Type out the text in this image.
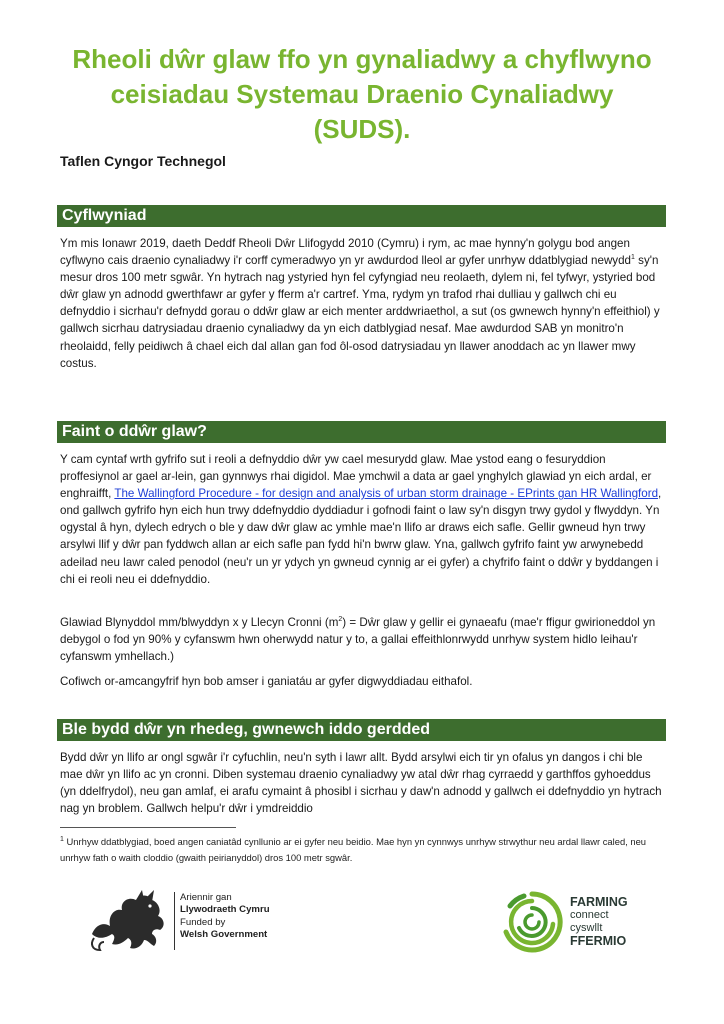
Rheoli dŵr glaw ffo yn gynaliadwy a chyflwyno ceisiadau Systemau Draenio Cynaliadwy (SUDS).

Taflen Cyngor Technegol

Cyflwyniad

Ym mis Ionawr 2019, daeth Deddf Rheoli Dŵr Llifogydd 2010 (Cymru) i rym, ac mae hynny'n golygu bod angen cyflwyno cais draenio cynaliadwy i'r corff cymeradwyo yn yr awdurdod lleol ar gyfer unrhyw ddatblygiad newydd$^1$ sy'n mesur dros 100 metr sgwâr. Yn hytrach nag ystyried hyn fel cyfyngiad neu reolaeth, dylem ni, fel tyfwyr, ystyried bod dŵr glaw yn adnodd gwerthfawr ar gyfer y fferm a'r cartref. Yma, rydym yn trafod rhai dulliau y gallwch chi eu defnyddio i sicrhau'r defnydd gorau o ddŵr glaw ar eich menter arddwriaethol, a sut (os gwnewch hynny'n effeithiol) y gallwch sicrhau datrysiadau draenio cynaliadwy da yn eich datblygiad nesaf. Mae awdurdod SAB yn monitro'n rheolaidd, felly peidiwch â chael eich dal allan gan fod ôl-osod datrysiadau yn llawer anoddach ac yn llawer mwy costus.

Faint o ddŵr glaw?

Y cam cyntaf wrth gyfrifo sut i reoli a defnyddio dŵr yw cael mesurydd glaw. Mae ystod eang o fesuryddion proffesiynol ar gael ar-lein, gan gynnwys rhai digidol. Mae ymchwil a data ar gael ynghylch glawiad yn eich ardal, er enghraifft, The Wallingford Procedure - for design and analysis of urban storm drainage - EPrints gan HR Wallingford, ond gallwch gyfrifo hyn eich hun trwy ddefnyddio dyddiadur i gofnodi faint o law sy'n disgyn trwy gydol y flwyddyn. Yn ogystal â hyn, dylech edrych o ble y daw dŵr glaw ac ymhle mae'n llifo ar draws eich safle. Gellir gwneud hyn trwy arsylwi llif y dŵr pan fyddwch allan ar eich safle pan fydd hi'n bwrw glaw. Yna, gallwch gyfrifo faint yw arwynebedd adeilad neu lawr caled penodol (neu'r un yr ydych yn gwneud cynnig ar ei gyfer) a chyfrifo faint o ddŵr y byddangen i chi ei reoli neu ei ddefnyddio.

Glawiad Blynyddol mm/blwyddyn x y Llecyn Cronni $(m^2)$ = Dŵr glaw y gellir ei gynaeafu (mae'r ffigur gwirioneddol yn debygol o fod yn 90% y cyfanswm hwn oherwydd natur y to, a gallai effeithlonrwydd unrhyw system hidlo leihau'r cyfanswm ymhellach.)

Cofiwch or-amcangyfrif hyn bob amser i ganiatáu ar gyfer digwyddiadau eithafol.

Ble bydd dŵr yn rhedeg, gwnewch iddo gerdded

Bydd dŵr yn llifo ar ongl sgwâr i'r cyfuchlin, neu'n syth i lawr allt. Bydd arsylwi eich tir yn ofalus yn dangos i chi ble mae dŵr yn llifo ac yn cronni. Diben systemau draenio cynaliadwy yw atal dŵr rhag cyrraedd y garthffos gyhoeddus (yn ddelfrydol), neu gan amlaf, ei arafu cymaint â phosibl i sicrhau y daw'n adnodd y gallwch ei ddefnyddio yn hytrach nag yn broblem. Gallwch helpu'r dŵr i ymdreiddio

$^1$ Unrhyw ddatblygiad, boed angen caniatâd cynllunio ar ei gyfer neu beidio. Mae hyn yn cynnwys unrhyw strwythur neu ardal llawr caled, neu unrhyw fath o waith cloddio (gwaith peirianyddol) dros 100 metr sgwâr.

Ariennir gan
Llywodraeth Cymru
Funded by
Welsh Government
FARMING
connect
cyswllt
FFERMIO
